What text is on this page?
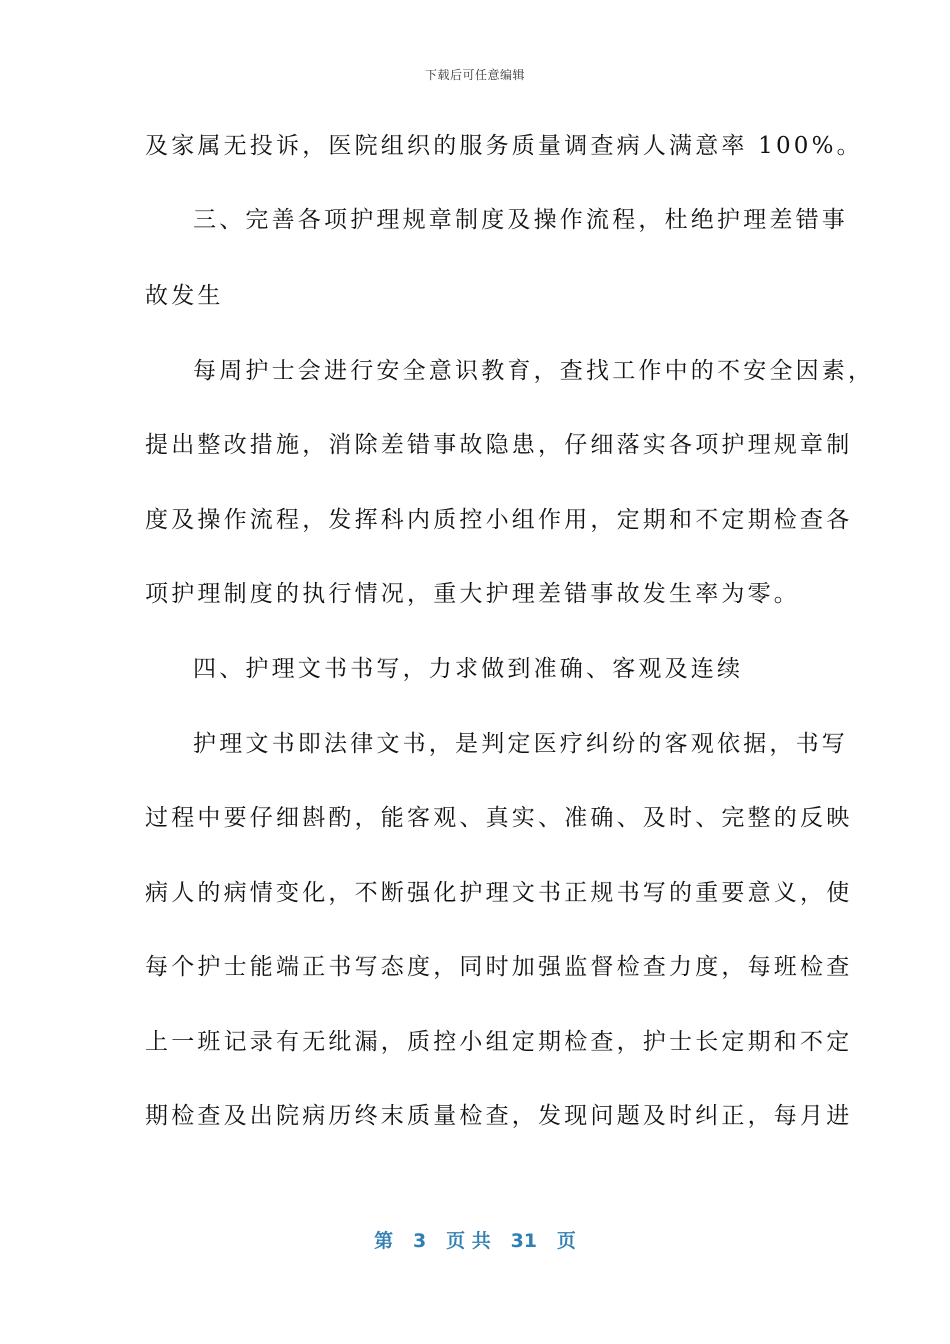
下载后可任意编辑
及家属无投诉，医院组织的服务质量调查病人满意率 100%。
三、完善各项护理规章制度及操作流程，杜绝护理差错事
故发生
每周护士会进行安全意识教育，查找工作中的不安全因素，
提出整改措施，消除差错事故隐患，仔细落实各项护理规章制
度及操作流程，发挥科内质控小组作用，定期和不定期检查各
项护理制度的执行情况，重大护理差错事故发生率为零。
四、护理文书书写，力求做到准确、客观及连续
护理文书即法律文书，是判定医疗纠纷的客观依据，书写
过程中要仔细斟酌，能客观、真实、准确、及时、完整的反映
病人的病情变化，不断强化护理文书正规书写的重要意义，使
每个护士能端正书写态度，同时加强监督检查力度，每班检查
上一班记录有无纰漏，质控小组定期检查，护士长定期和不定
期检查及出院病历终末质量检查，发现问题及时纠正，每月进
第 3 页 共 31 页
